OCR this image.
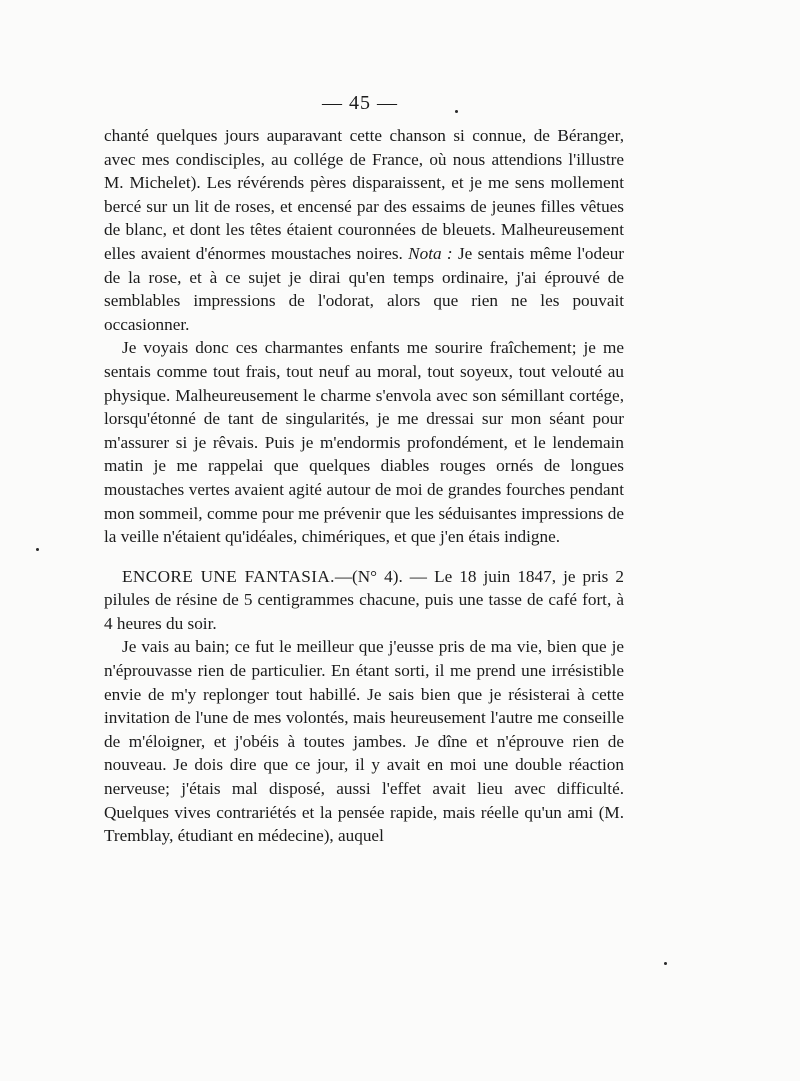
— 45 —

chanté quelques jours auparavant cette chanson si connue, de Béranger, avec mes condisciples, au collége de France, où nous attendions l'illustre M. Michelet). Les révérends pères disparaissent, et je me sens mollement bercé sur un lit de roses, et encensé par des essaims de jeunes filles vêtues de blanc, et dont les têtes étaient couronnées de bleuets. Malheureusement elles avaient d'énormes moustaches noires. Nota : Je sentais même l'odeur de la rose, et à ce sujet je dirai qu'en temps ordinaire, j'ai éprouvé de semblables impressions de l'odorat, alors que rien ne les pouvait occasionner.

Je voyais donc ces charmantes enfants me sourire fraîchement; je me sentais comme tout frais, tout neuf au moral, tout soyeux, tout velouté au physique. Malheureusement le charme s'envola avec son sémillant cortége, lorsqu'étonné de tant de singularités, je me dressai sur mon séant pour m'assurer si je rêvais. Puis je m'endormis profondément, et le lendemain matin je me rappelai que quelques diables rouges ornés de longues moustaches vertes avaient agité autour de moi de grandes fourches pendant mon sommeil, comme pour me prévenir que les séduisantes impressions de la veille n'étaient qu'idéales, chimériques, et que j'en étais indigne.

ENCORE UNE FANTASIA.—(N° 4). — Le 18 juin 1847, je pris 2 pilules de résine de 5 centigrammes chacune, puis une tasse de café fort, à 4 heures du soir.

Je vais au bain; ce fut le meilleur que j'eusse pris de ma vie, bien que je n'éprouvasse rien de particulier. En étant sorti, il me prend une irrésistible envie de m'y replonger tout habillé. Je sais bien que je résisterai à cette invitation de l'une de mes volontés, mais heureusement l'autre me conseille de m'éloigner, et j'obéis à toutes jambes. Je dîne et n'éprouve rien de nouveau. Je dois dire que ce jour, il y avait en moi une double réaction nerveuse; j'étais mal disposé, aussi l'effet avait lieu avec difficulté. Quelques vives contrariétés et la pensée rapide, mais réelle qu'un ami (M. Tremblay, étudiant en médecine), auquel
